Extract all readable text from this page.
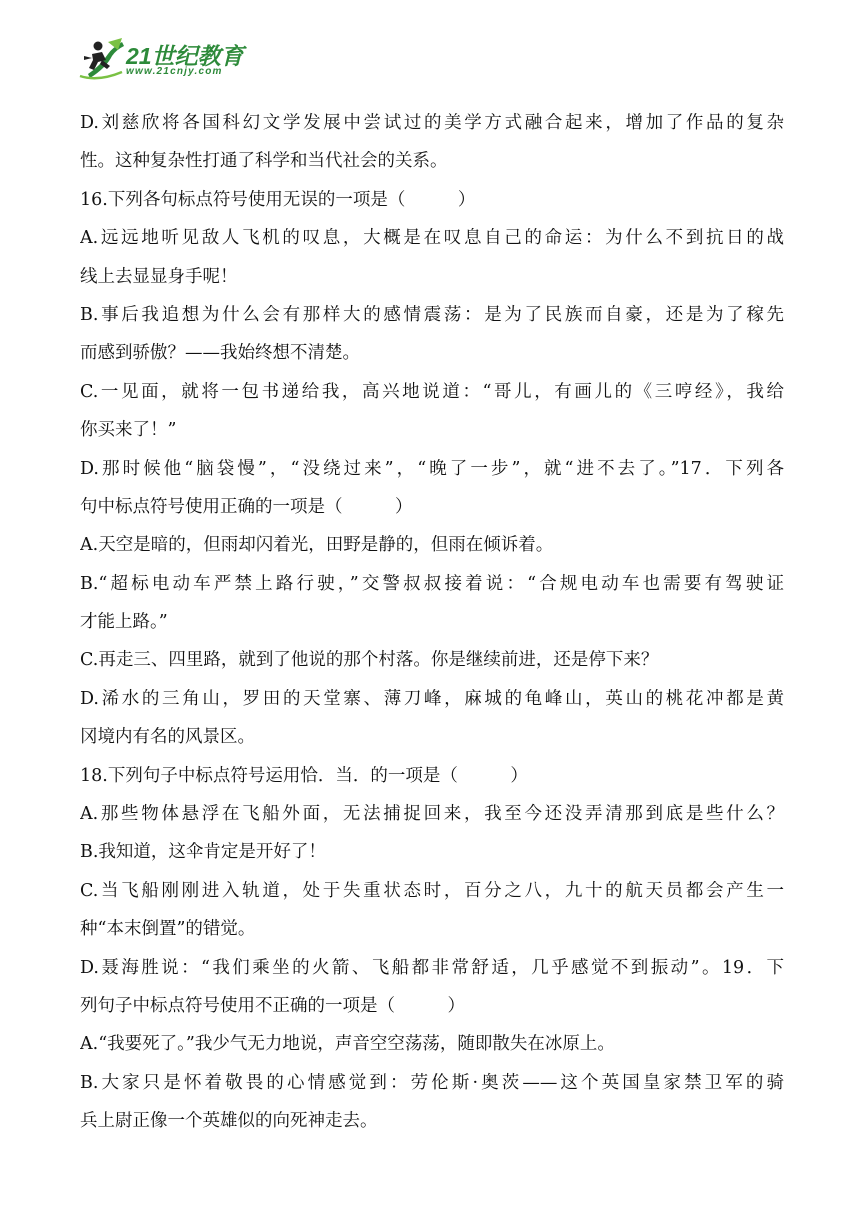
21世纪教育
www.21cnjy.com
D.刘慈欣将各国科幻文学发展中尝试过的美学方式融合起来，增加了作品的复杂
性。这种复杂性打通了科学和当代社会的关系。
16.下列各句标点符号使用无误的一项是（　　　）
A.远远地听见敌人飞机的叹息，大概是在叹息自己的命运：为什么不到抗日的战
线上去显显身手呢！
B.事后我追想为什么会有那样大的感情震荡：是为了民族而自豪，还是为了稼先
而感到骄傲？——我始终想不清楚。
C.一见面，就将一包书递给我，高兴地说道：“哥儿，有画儿的《三哼经》，我给
你买来了！”
D.那时候他“脑袋慢”，“没绕过来”，“晚了一步”，就“进不去了。”17．下列各
句中标点符号使用正确的一项是（　　　）
A.天空是暗的，但雨却闪着光，田野是静的，但雨在倾诉着。
B.“超标电动车严禁上路行驶，”交警叔叔接着说：“合规电动车也需要有驾驶证
才能上路。”
C.再走三、四里路，就到了他说的那个村落。你是继续前进，还是停下来？
D.浠水的三角山，罗田的天堂寨、薄刀峰，麻城的龟峰山，英山的桃花冲都是黄
冈境内有名的风景区。
18.下列句子中标点符号运用恰．当．的一项是（　　　）
A.那些物体悬浮在飞船外面，无法捕捉回来，我至今还没弄清那到底是些什么？
B.我知道，这伞肯定是开好了！
C.当飞船刚刚进入轨道，处于失重状态时，百分之八，九十的航天员都会产生一
种“本末倒置”的错觉。
D.聂海胜说：“我们乘坐的火箭、飞船都非常舒适，几乎感觉不到振动”。19．下
列句子中标点符号使用不正确的一项是（　　　）
A.“我要死了。”我少气无力地说，声音空空荡荡，随即散失在冰原上。
B.大家只是怀着敬畏的心情感觉到：劳伦斯·奥茨——这个英国皇家禁卫军的骑
兵上尉正像一个英雄似的向死神走去。
